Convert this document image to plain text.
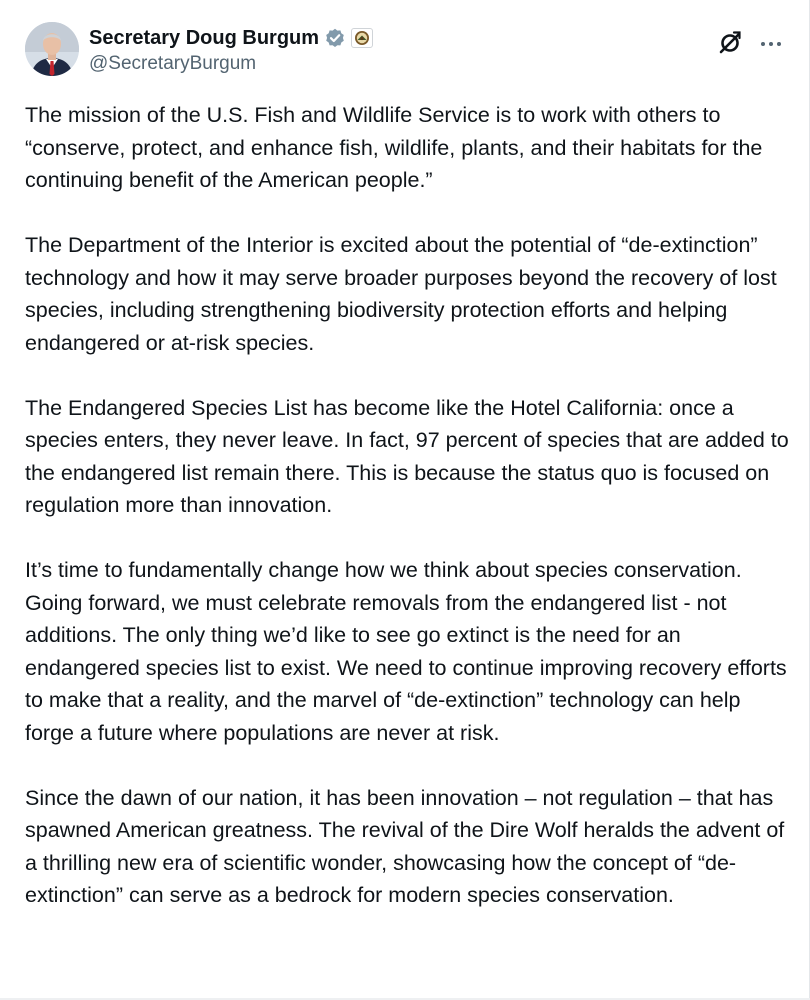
Secretary Doug Burgum
@SecretaryBurgum

The mission of the U.S. Fish and Wildlife Service is to work with others to “conserve, protect, and enhance fish, wildlife, plants, and their habitats for the continuing benefit of the American people.”

The Department of the Interior is excited about the potential of “de-extinction” technology and how it may serve broader purposes beyond the recovery of lost species, including strengthening biodiversity protection efforts and helping endangered or at-risk species.

The Endangered Species List has become like the Hotel California: once a species enters, they never leave. In fact, 97 percent of species that are added to the endangered list remain there. This is because the status quo is focused on regulation more than innovation.

It’s time to fundamentally change how we think about species conservation. Going forward, we must celebrate removals from the endangered list - not additions. The only thing we’d like to see go extinct is the need for an endangered species list to exist. We need to continue improving recovery efforts to make that a reality, and the marvel of “de-extinction” technology can help forge a future where populations are never at risk.

Since the dawn of our nation, it has been innovation – not regulation – that has spawned American greatness. The revival of the Dire Wolf heralds the advent of a thrilling new era of scientific wonder, showcasing how the concept of “de-extinction” can serve as a bedrock for modern species conservation.
